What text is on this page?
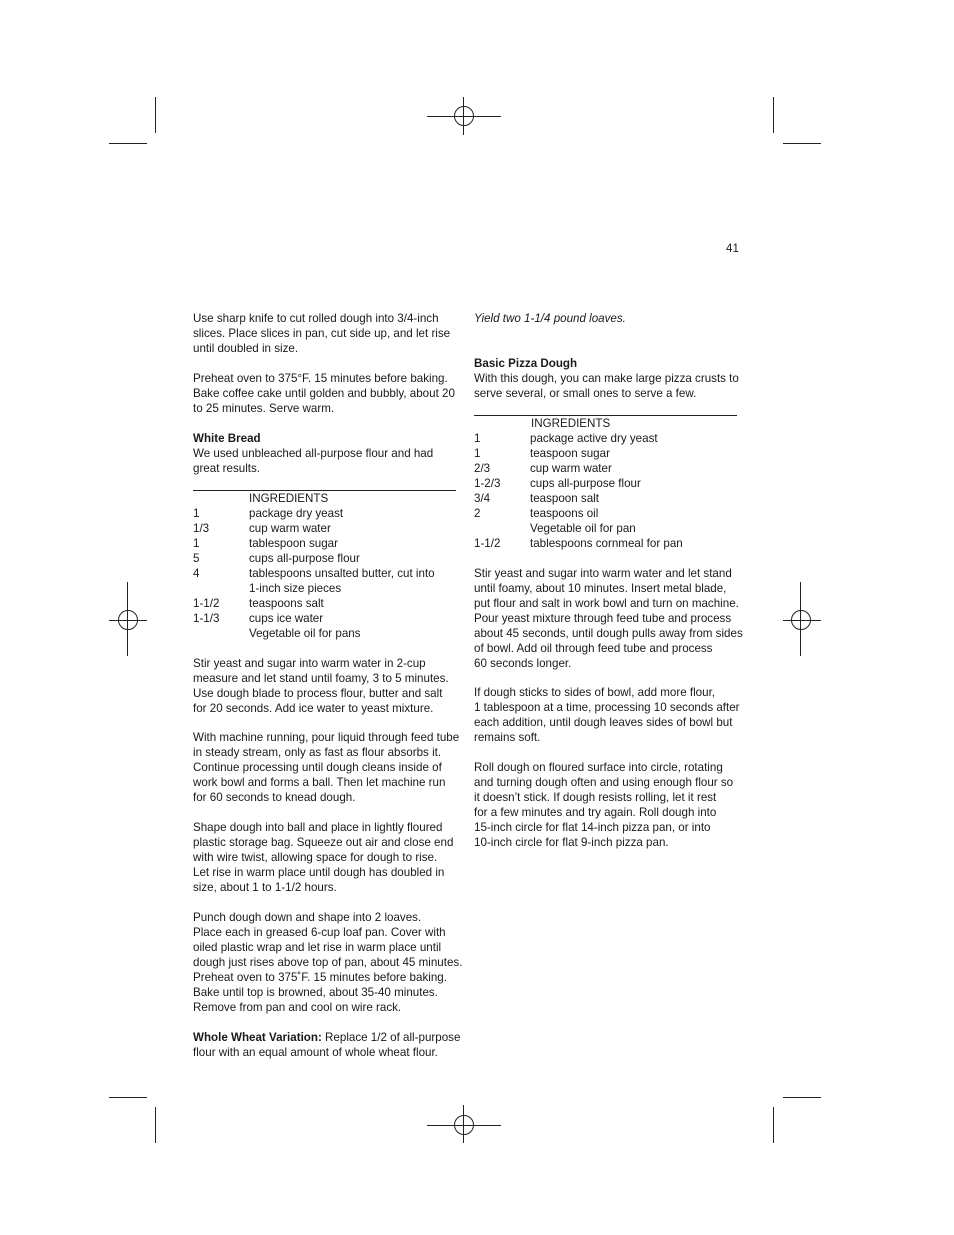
41

Use sharp knife to cut rolled dough into 3/4-inch
slices. Place slices in pan, cut side up, and let rise
until doubled in size.

Preheat oven to 375°F. 15 minutes before baking.
Bake coffee cake until golden and bubbly, about 20
to 25 minutes. Serve warm.

White Bread

We used unbleached all-purpose flour and had
great results.

INGREDIENTS
1	package dry yeast
1/3	cup warm water
1	tablespoon sugar
5	cups all-purpose flour
4	tablespoons unsalted butter, cut into
	1-inch size pieces
1-1/2	teaspoons salt
1-1/3	cups ice water
	Vegetable oil for pans

Stir yeast and sugar into warm water in 2-cup
measure and let stand until foamy, 3 to 5 minutes.
Use dough blade to process flour, butter and salt
for 20 seconds. Add ice water to yeast mixture.

With machine running, pour liquid through feed tube
in steady stream, only as fast as flour absorbs it.
Continue processing until dough cleans inside of
work bowl and forms a ball. Then let machine run
for 60 seconds to knead dough.

Shape dough into ball and place in lightly floured
plastic storage bag. Squeeze out air and close end
with wire twist, allowing space for dough to rise.
Let rise in warm place until dough has doubled in
size, about 1 to 1-1/2 hours.

Punch dough down and shape into 2 loaves.
Place each in greased 6-cup loaf pan. Cover with
oiled plastic wrap and let rise in warm place until
dough just rises above top of pan, about 45 minutes.
Preheat oven to 375˚F. 15 minutes before baking.
Bake until top is browned, about 35-40 minutes.
Remove from pan and cool on wire rack.

Whole Wheat Variation: Replace 1/2 of all-purpose
flour with an equal amount of whole wheat flour.

Yield two 1-1/4 pound loaves.
Basic Pizza Dough

With this dough, you can make large pizza crusts to
serve several, or small ones to serve a few.

INGREDIENTS
1	package active dry yeast
1	teaspoon sugar
2/3	cup warm water
1-2/3	cups all-purpose flour
3/4	teaspoon salt
2	teaspoons oil
	Vegetable oil for pan
1-1/2	tablespoons cornmeal for pan

Stir yeast and sugar into warm water and let stand
until foamy, about 10 minutes. Insert metal blade,
put flour and salt in work bowl and turn on machine.
Pour yeast mixture through feed tube and process
about 45 seconds, until dough pulls away from sides
of bowl. Add oil through feed tube and process
60 seconds longer.

If dough sticks to sides of bowl, add more flour,
1 tablespoon at a time, processing 10 seconds after
each addition, until dough leaves sides of bowl but
remains soft.

Roll dough on floured surface into circle, rotating
and turning dough often and using enough flour so
it doesn’t stick. If dough resists rolling, let it rest
for a few minutes and try again. Roll dough into
15-inch circle for flat 14-inch pizza pan, or into
10-inch circle for flat 9-inch pizza pan.
